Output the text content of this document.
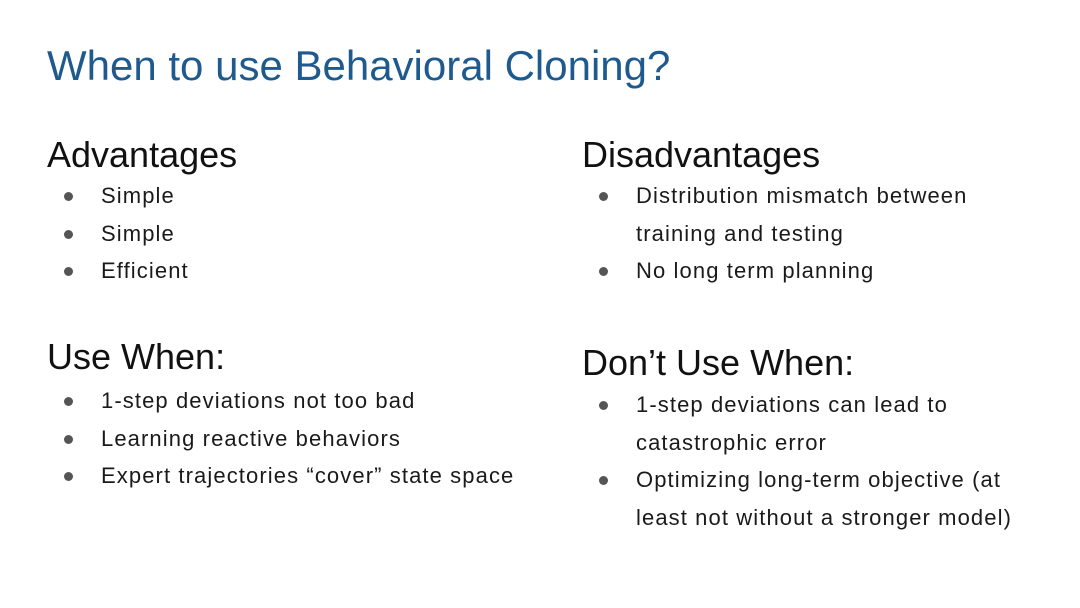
When to use Behavioral Cloning?
Advantages
Simple
Simple
Efficient
Disadvantages
Distribution mismatch between training and testing
No long term planning
Use When:
1-step deviations not too bad
Learning reactive behaviors
Expert trajectories “cover” state space
Don’t Use When:
1-step deviations can lead to catastrophic error
Optimizing long-term objective (at least not without a stronger model)
